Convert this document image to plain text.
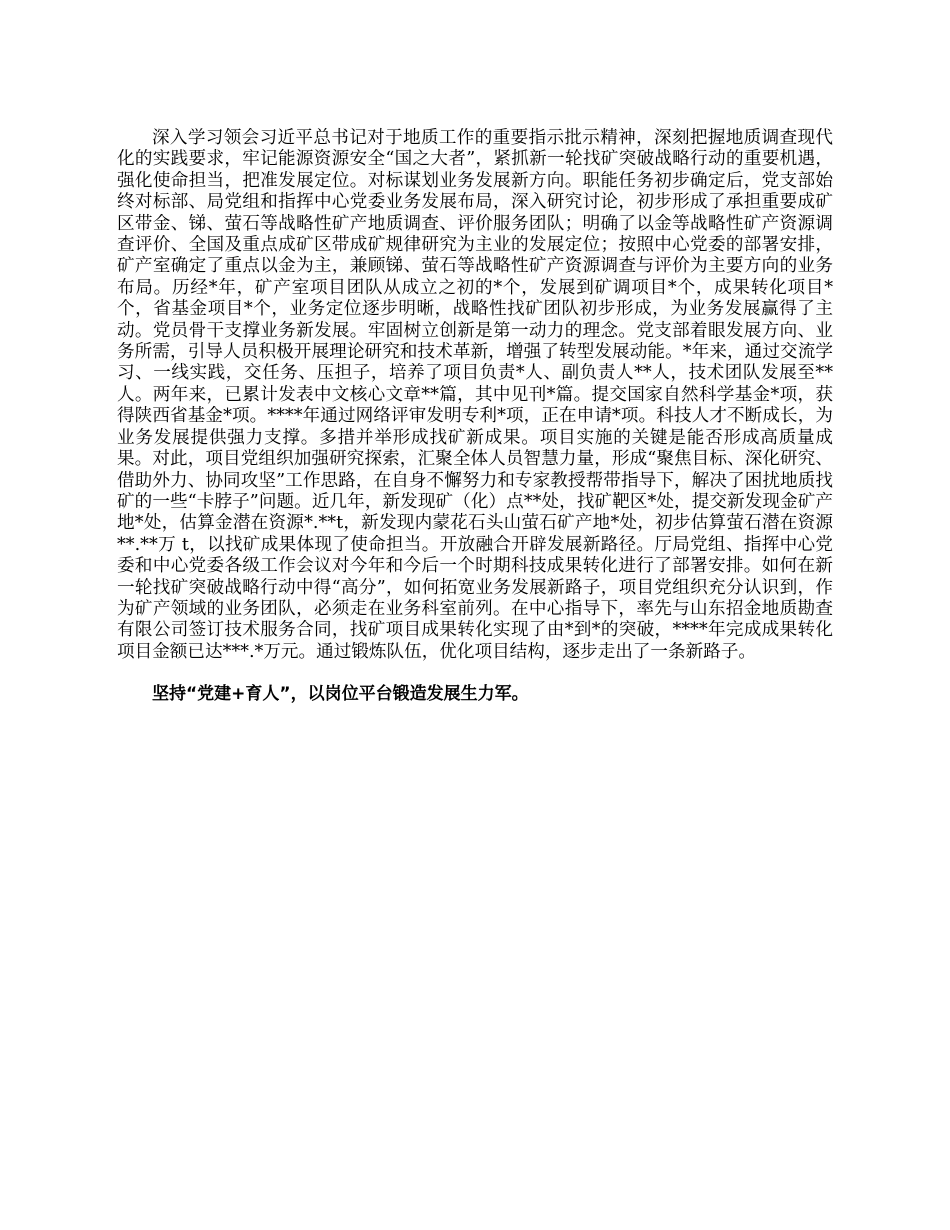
深入学习领会习近平总书记对于地质工作的重要指示批示精神，深刻把握地质调查现代化的实践要求，牢记能源资源安全“国之大者”，紧抓新一轮找矿突破战略行动的重要机遇，强化使命担当，把准发展定位。对标谋划业务发展新方向。职能任务初步确定后，党支部始终对标部、局党组和指挥中心党委业务发展布局，深入研究讨论，初步形成了承担重要成矿区带金、锑、萤石等战略性矿产地质调查、评价服务团队；明确了以金等战略性矿产资源调查评价、全国及重点成矿区带成矿规律研究为主业的发展定位；按照中心党委的部署安排，矿产室确定了重点以金为主，兼顾锑、萤石等战略性矿产资源调查与评价为主要方向的业务布局。历经*年，矿产室项目团队从成立之初的*个，发展到矿调项目*个，成果转化项目*个，省基金项目*个，业务定位逐步明晰，战略性找矿团队初步形成，为业务发展赢得了主动。党员骨干支撑业务新发展。牢固树立创新是第一动力的理念。党支部着眼发展方向、业务所需，引导人员积极开展理论研究和技术革新，增强了转型发展动能。*年来，通过交流学习、一线实践，交任务、压担子，培养了项目负责*人、副负责人**人，技术团队发展至**人。两年来，已累计发表中文核心文章**篇，其中见刊*篇。提交国家自然科学基金*项，获得陕西省基金*项。****年通过网络评审发明专利*项，正在申请*项。科技人才不断成长，为业务发展提供强力支撑。多措并举形成找矿新成果。项目实施的关键是能否形成高质量成果。对此，项目党组织加强研究探索，汇聚全体人员智慧力量，形成“聚焦目标、深化研究、借助外力、协同攻坚”工作思路，在自身不懈努力和专家教授帮带指导下，解决了困扰地质找矿的一些“卡脖子”问题。近几年，新发现矿（化）点**处，找矿靶区*处，提交新发现金矿产地*处，估算金潜在资源*.**t，新发现内蒙花石头山萤石矿产地*处，初步估算萤石潜在资源**.**万 t，以找矿成果体现了使命担当。开放融合开辟发展新路径。厅局党组、指挥中心党委和中心党委各级工作会议对今年和今后一个时期科技成果转化进行了部署安排。如何在新一轮找矿突破战略行动中得“高分”，如何拓宽业务发展新路子，项目党组织充分认识到，作为矿产领域的业务团队，必须走在业务科室前列。在中心指导下，率先与山东招金地质勘查有限公司签订技术服务合同，找矿项目成果转化实现了由*到*的突破，****年完成成果转化项目金额已达***.*万元。通过锻炼队伍，优化项目结构，逐步走出了一条新路子。

坚持“党建+育人”，以岗位平台锻造发展生力军。
